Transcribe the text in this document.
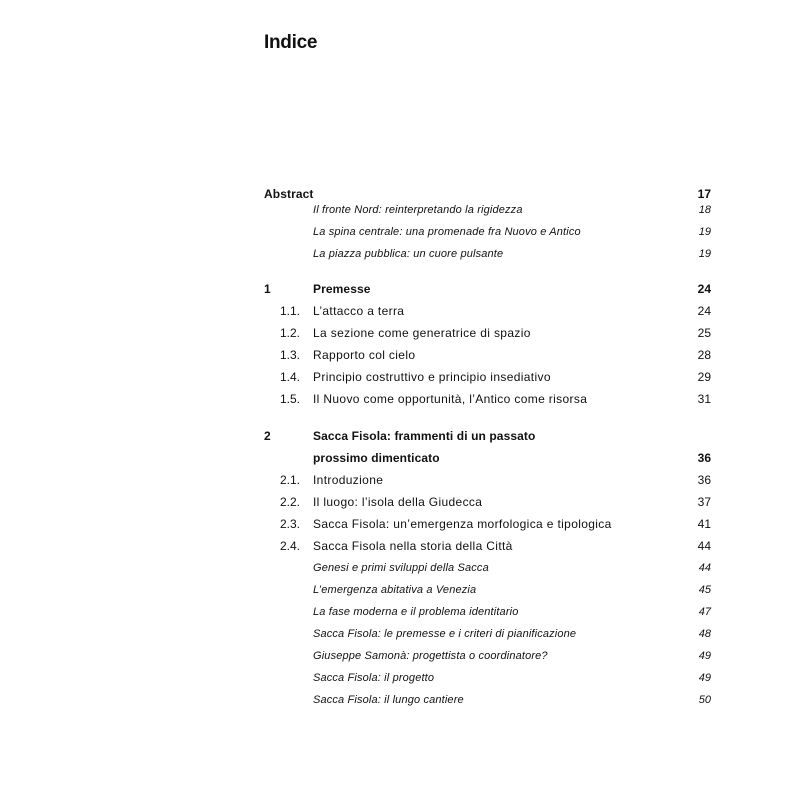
Indice
Abstract	17
Il fronte Nord: reinterpretando la rigidezza	18
La spina centrale: una promenade fra Nuovo e Antico	19
La piazza pubblica: un cuore pulsante	19
1	Premesse	24
1.1. L’attacco a terra	24
1.2. La sezione come generatrice di spazio	25
1.3. Rapporto col cielo	28
1.4. Principio costruttivo e principio insediativo	29
1.5. Il Nuovo come opportunità, l’Antico come risorsa	31
2	Sacca Fisola: frammenti di un passato
prossimo dimenticato	36
2.1. Introduzione	36
2.2. Il luogo: l’isola della Giudecca	37
2.3. Sacca Fisola: un’emergenza morfologica e tipologica	41
2.4. Sacca Fisola nella storia della Città	44
Genesi e primi sviluppi della Sacca	44
L’emergenza abitativa a Venezia	45
La fase moderna e il problema identitario	47
Sacca Fisola: le premesse e i criteri di pianificazione	48
Giuseppe Samonà: progettista o coordinatore?	49
Sacca Fisola: il progetto	49
Sacca Fisola: il lungo cantiere	50
